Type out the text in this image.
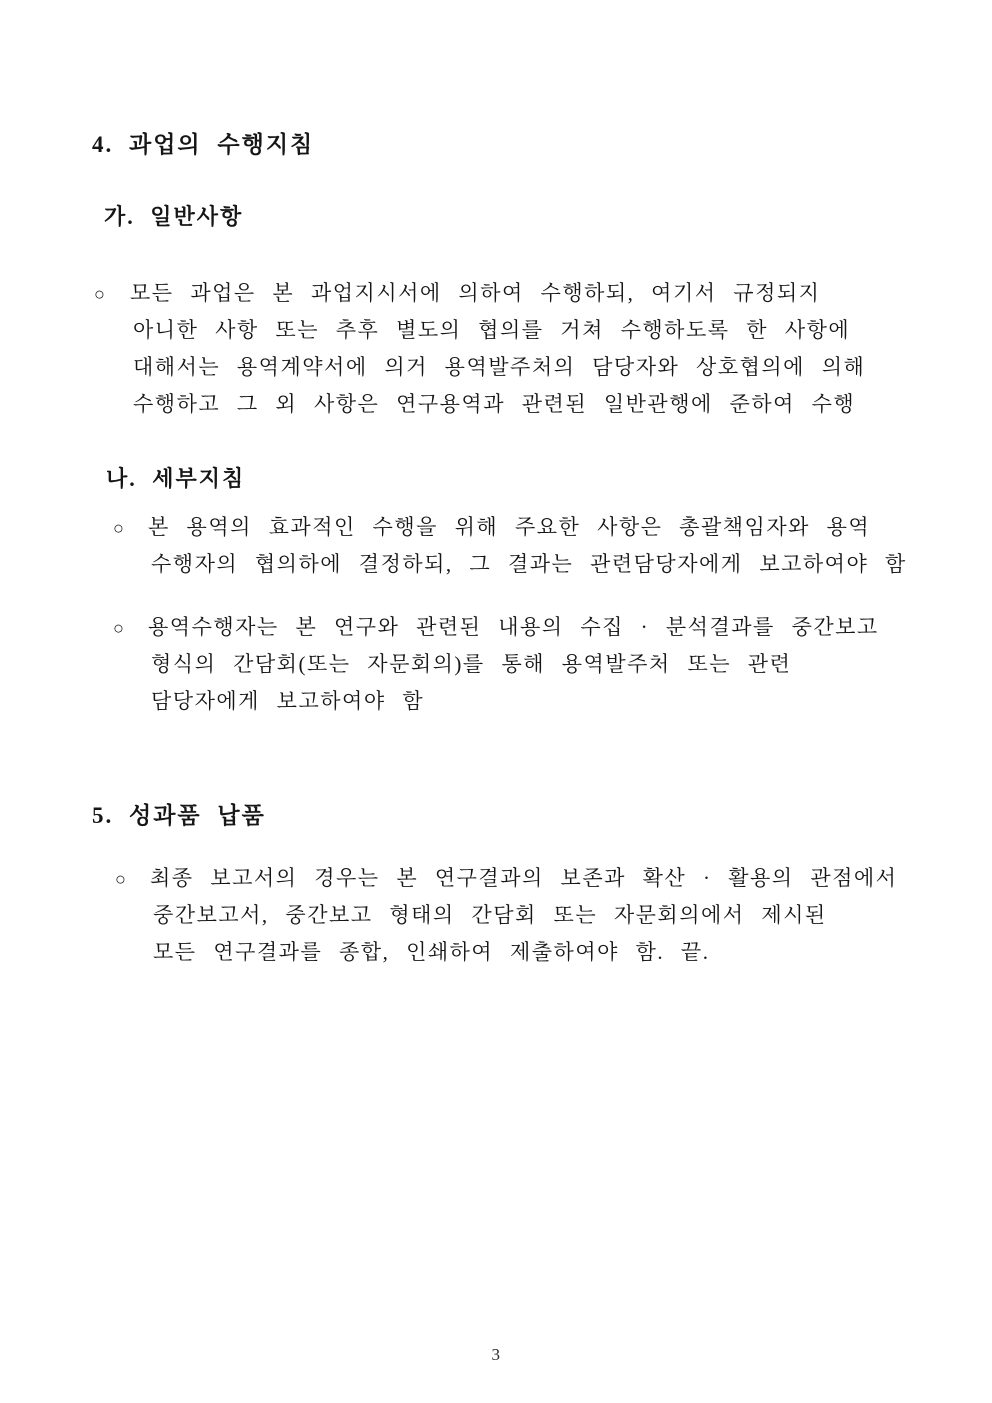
4. 과업의 수행지침
가. 일반사항
○	모든 과업은 본 과업지시서에 의하여 수행하되, 여기서 규정되지
아니한 사항 또는 추후 별도의 협의를 거쳐 수행하도록 한 사항에
대해서는 용역계약서에 의거 용역발주처의 담당자와 상호협의에 의해
수행하고 그 외 사항은 연구용역과 관련된 일반관행에 준하여 수행
나. 세부지침
○	본 용역의 효과적인 수행을 위해 주요한 사항은 총괄책임자와 용역
수행자의 협의하에 결정하되, 그 결과는 관련담당자에게 보고하여야 함
○	용역수행자는 본 연구와 관련된 내용의 수집 · 분석결과를 중간보고
형식의 간담회(또는 자문회의)를 통해 용역발주처 또는 관련
담당자에게 보고하여야 함
5. 성과품 납품
○	최종 보고서의 경우는 본 연구결과의 보존과 확산 · 활용의 관점에서
중간보고서, 중간보고 형태의 간담회 또는 자문회의에서 제시된
모든 연구결과를 종합, 인쇄하여 제출하여야 함. 끝.
3
